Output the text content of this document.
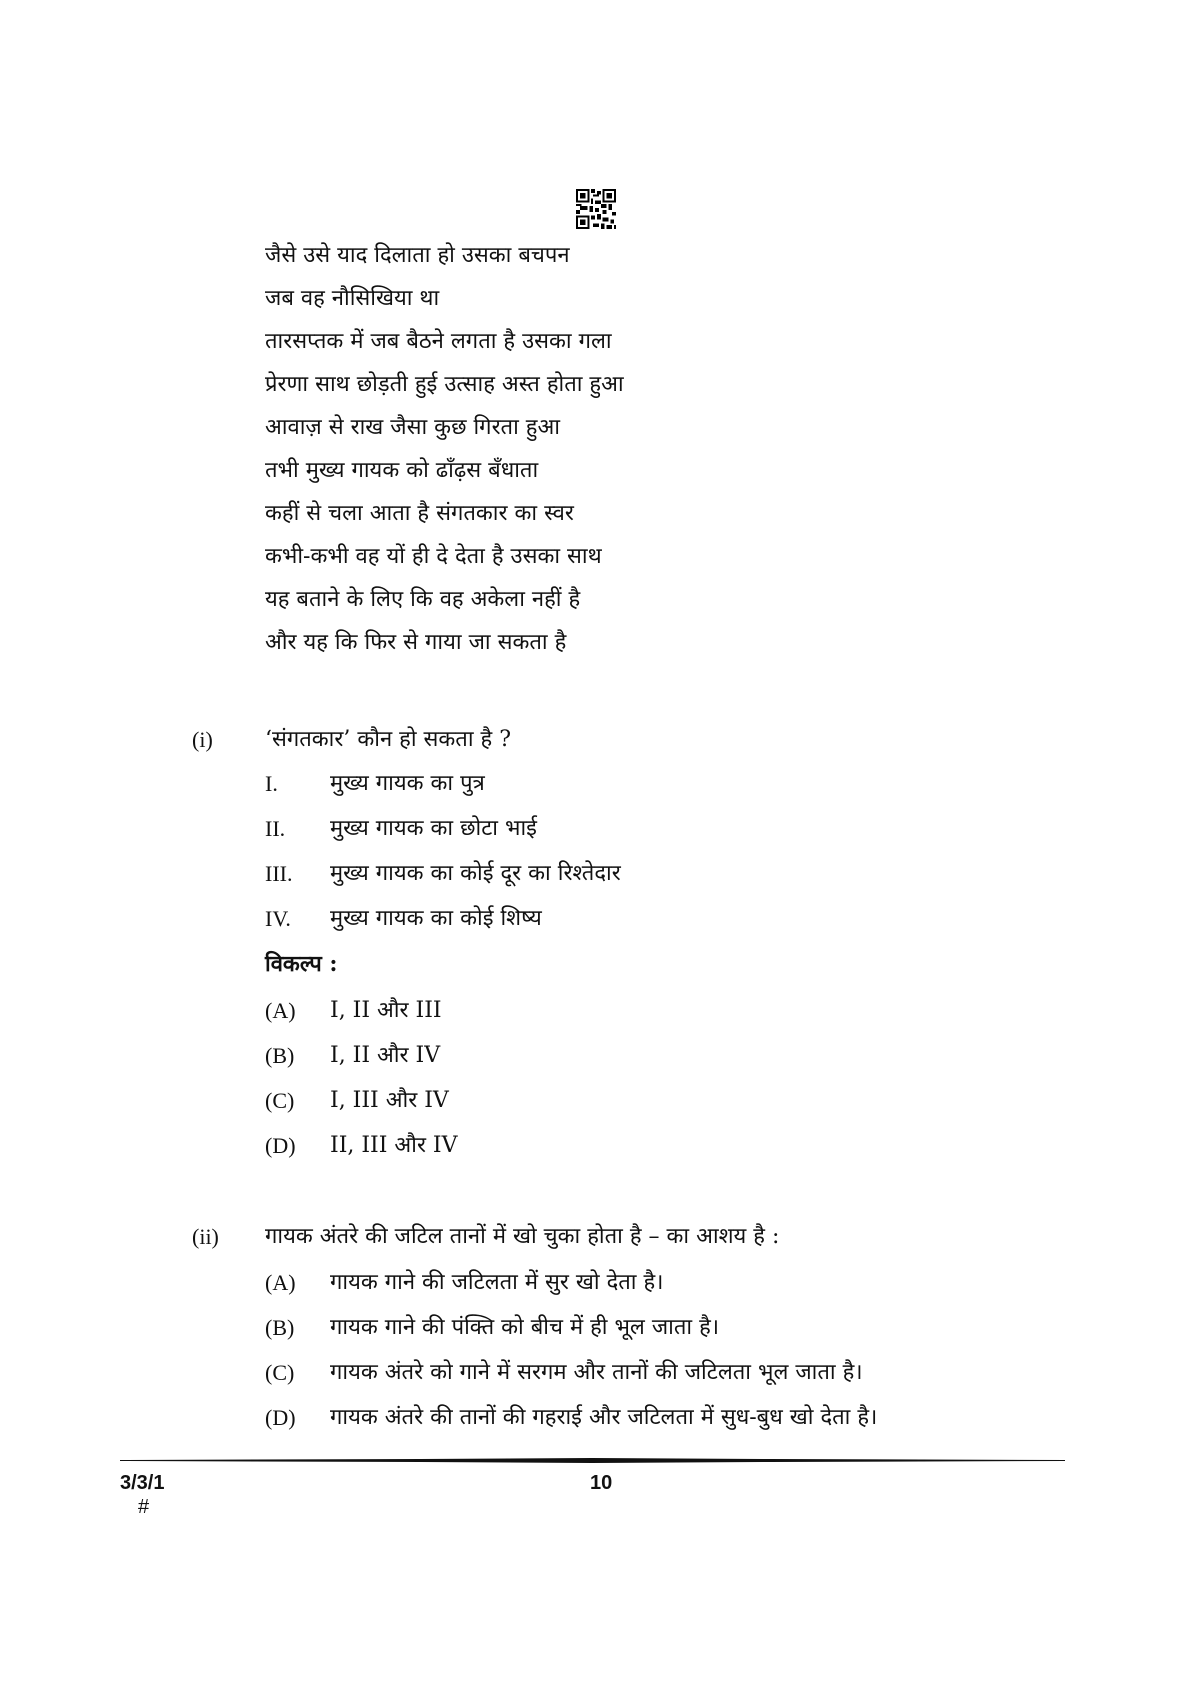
जैसे उसे याद दिलाता हो उसका बचपन
जब वह नौसिखिया था
तारसप्तक में जब बैठने लगता है उसका गला
प्रेरणा साथ छोड़ती हुई उत्साह अस्त होता हुआ
आवाज़ से राख जैसा कुछ गिरता हुआ
तभी मुख्य गायक को ढाँढ़स बँधाता
कहीं से चला आता है संगतकार का स्वर
कभी-कभी वह यों ही दे देता है उसका साथ
यह बताने के लिए कि वह अकेला नहीं है
और यह कि फिर से गाया जा सकता है
(i) ‘संगतकार’ कौन हो सकता है ?
I. मुख्य गायक का पुत्र
II. मुख्य गायक का छोटा भाई
III. मुख्य गायक का कोई दूर का रिश्तेदार
IV. मुख्य गायक का कोई शिष्य
विकल्प :
(A) I, II और III
(B) I, II और IV
(C) I, III और IV
(D) II, III और IV
(ii) गायक अंतरे की जटिल तानों में खो चुका होता है – का आशय है :
(A) गायक गाने की जटिलता में सुर खो देता है।
(B) गायक गाने की पंक्ति को बीच में ही भूल जाता है।
(C) गायक अंतरे को गाने में सरगम और तानों की जटिलता भूल जाता है।
(D) गायक अंतरे की तानों की गहराई और जटिलता में सुध-बुध खो देता है।
3/3/1	10
#
